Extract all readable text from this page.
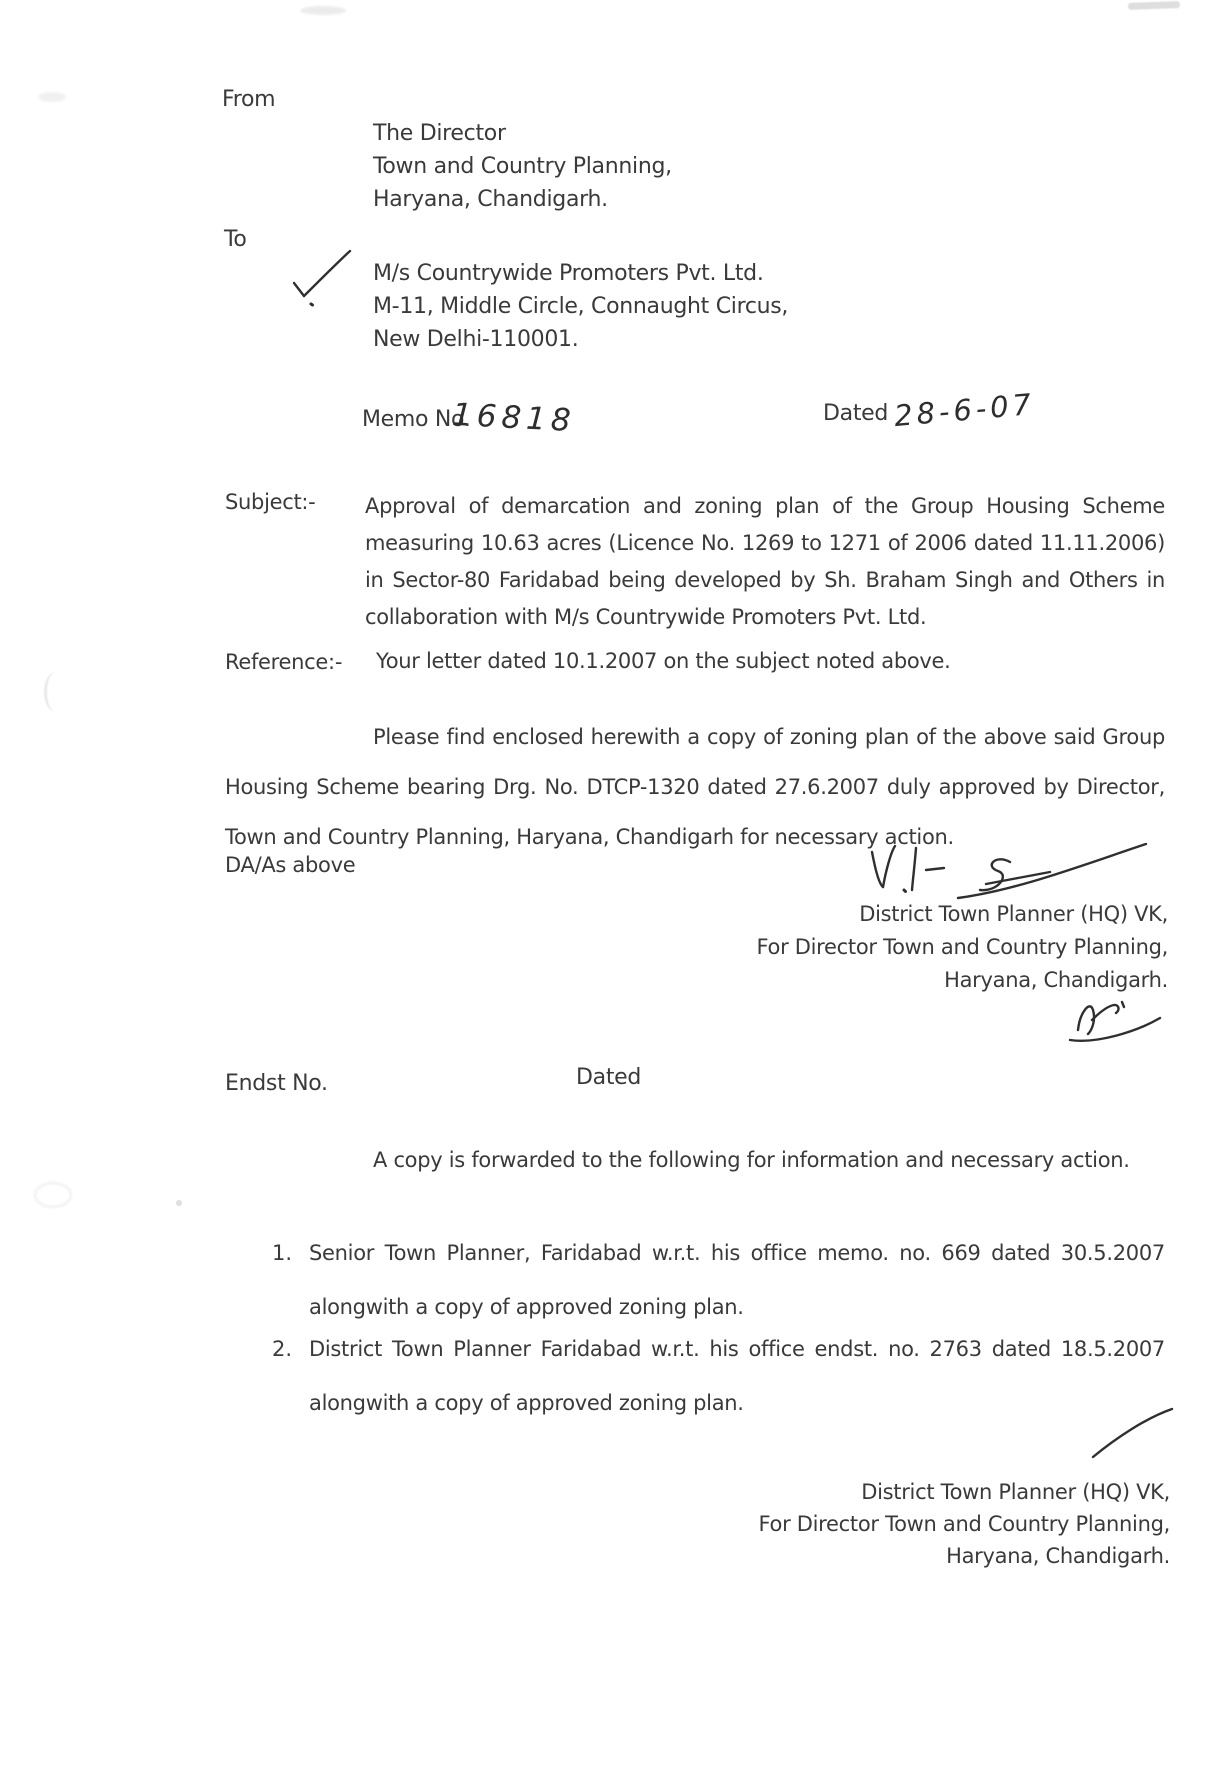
From
The Director
Town and Country Planning,
Haryana, Chandigarh.
To
M/s Countrywide Promoters Pvt. Ltd.
M-11, Middle Circle, Connaught Circus,
New Delhi-110001.
Memo No.
16818	Dated 28-6-07
Subject:- Approval of demarcation and zoning plan of the Group Housing Scheme measuring 10.63 acres (Licence No. 1269 to 1271 of 2006 dated 11.11.2006) in Sector-80 Faridabad being developed by Sh. Braham Singh and Others in collaboration with M/s Countrywide Promoters Pvt. Ltd.
Reference:- Your letter dated 10.1.2007 on the subject noted above.
Please find enclosed herewith a copy of zoning plan of the above said Group Housing Scheme bearing Drg. No. DTCP-1320 dated 27.6.2007 duly approved by Director, Town and Country Planning, Haryana, Chandigarh for necessary action.
DA/As above
District Town Planner (HQ) VK,
For Director Town and Country Planning,
Haryana, Chandigarh.
Endst No.	Dated
A copy is forwarded to the following for information and necessary action.
1. Senior Town Planner, Faridabad w.r.t. his office memo. no. 669 dated 30.5.2007 alongwith a copy of approved zoning plan.
2. District Town Planner Faridabad w.r.t. his office endst. no. 2763 dated 18.5.2007 alongwith a copy of approved zoning plan.
District Town Planner (HQ) VK,
For Director Town and Country Planning,
Haryana, Chandigarh.
